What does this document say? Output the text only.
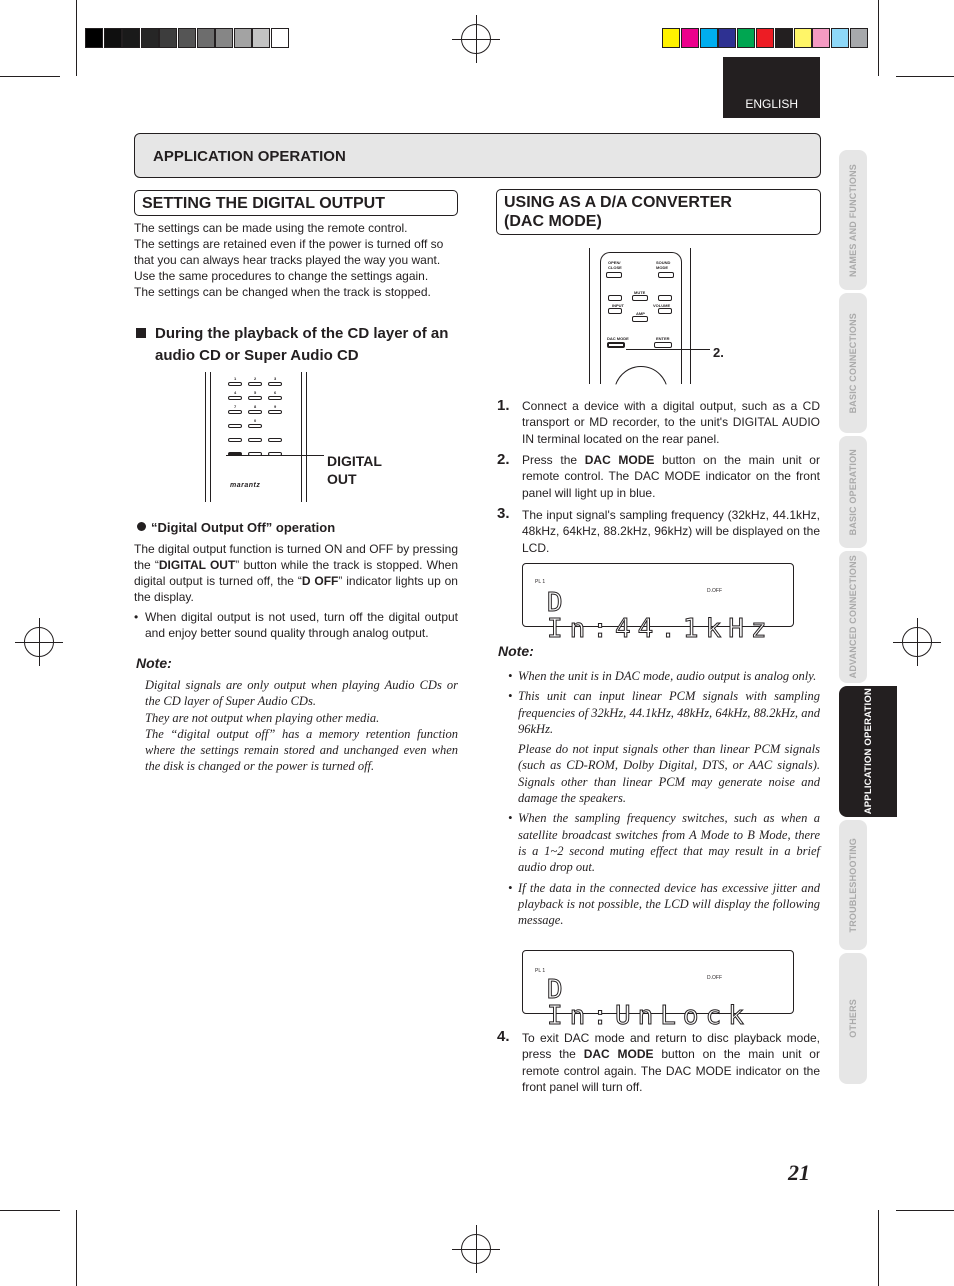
ENGLISH
APPLICATION OPERATION
SETTING THE DIGITAL OUTPUT
The settings can be made using the remote control.
The settings are retained even if the power is turned off so that you can always hear tracks played the way you want.
Use the same procedures to change the settings again.
The settings can be changed when the track is stopped.
During the playback of the CD layer of an audio CD or Super Audio CD
1	2	3
4	5	6
7	8	9
0
marantz
DIGITAL OUT
“Digital Output Off” operation
The digital output function is turned ON and OFF by pressing the “DIGITAL OUT” button while the track is stopped. When digital output is turned off, the “D OFF” indicator lights up on the display.
• When digital output is not used, turn off the digital output and enjoy better sound quality through analog output.
Note:
Digital signals are only output when playing Audio CDs or the CD layer of Super Audio CDs.
They are not output when playing other media.
The “digital output off” has a memory retention function where the settings remain stored and unchanged even when the disk is changed or the power is turned off.
USING AS A D/A CONVERTER
(DAC MODE)
OPEN/ CLOSE
SOUND MODE
MUTE
INPUT	VOLUME
AMP
DAC MODE	ENTER
2.
1. Connect a device with a digital output, such as a CD transport or MD recorder, to the unit's DIGITAL AUDIO IN terminal located on the rear panel.
2. Press the DAC MODE button on the main unit or remote control. The DAC MODE indicator on the front panel will light up in blue.
3. The input signal's sampling frequency (32kHz, 44.1kHz, 48kHz, 64kHz, 88.2kHz, 96kHz) will be displayed on the LCD.
PL 1
D.OFF
D In:44.1kHz
Note:
• When the unit is in DAC mode, audio output is analog only.
• This unit can input linear PCM signals with sampling frequencies of 32kHz, 44.1kHz, 48kHz, 64kHz, 88.2kHz, and 96kHz.
Please do not input signals other than linear PCM signals (such as CD-ROM, Dolby Digital, DTS, or AAC signals). Signals other than linear PCM may generate noise and damage the speakers.
• When the sampling frequency switches, such as when a satellite broadcast switches from A Mode to B Mode, there is a 1~2 second muting effect that may result in a brief audio drop out.
• If the data in the connected device has excessive jitter and playback is not possible, the LCD will display the following message.
PL 1
D.OFF
D In:UnLock
4. To exit DAC mode and return to disc playback mode, press the DAC MODE button on the main unit or remote control again. The DAC MODE indicator on the front panel will turn off.
NAMES AND FUNCTIONS
BASIC CONNECTIONS
BASIC OPERATION
ADVANCED CONNECTIONS
APPLICATION OPERATION
TROUBLESHOOTING
OTHERS
21
